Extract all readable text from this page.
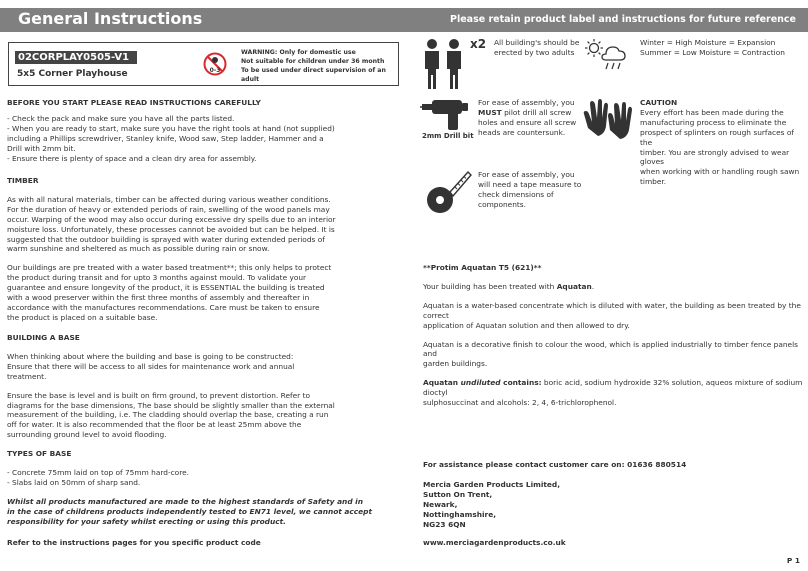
General Instructions	Please retain product label and instructions for future reference
02CORPLAY0505-V1
5x5 Corner Playhouse	0-3
WARNING: Only for domestic use
Not suitable for children under 36 month
To be used under direct supervision of an adult
BEFORE YOU START PLEASE READ INSTRUCTIONS CAREFULLY
- Check the pack and make sure you have all the parts listed.
- When you are ready to start, make sure you have the right tools at hand (not supplied)
including a Phillips screwdriver, Stanley knife, Wood saw, Step ladder, Hammer and a
Drill with 2mm bit.
- Ensure there is plenty of space and a clean dry area for assembly.
TIMBER
As with all natural materials, timber can be affected during various weather conditions.
For the duration of heavy or extended periods of rain, swelling of the wood panels may
occur. Warping of the wood may also occur during excessive dry spells due to an interior
moisture loss. Unfortunately, these processes cannot be avoided but can be helped. It is
suggested that the outdoor building is sprayed with water during extended periods of
warm sunshine and sheltered as much as possible during rain or snow.
Our buildings are pre treated with a water based treatment**; this only helps to protect
the product during transit and for upto 3 months against mould. To validate your
guarantee and ensure longevity of the product, it is ESSENTIAL the building is treated
with a wood preserver within the first three months of assembly and thereafter in
accordance with the manufactures recommendations. Care must be taken to ensure
the product is placed on a suitable base.
BUILDING A BASE
When thinking about where the building and base is going to be constructed:
Ensure that there will be access to all sides for maintenance work and annual
treatment.
Ensure the base is level and is built on firm ground, to prevent distortion. Refer to
diagrams for the base dimensions, The base should be slightly smaller than the external
measurement of the building, i.e. The cladding should overlap the base, creating a run
off for water. It is also recommended that the floor be at least 25mm above the
surrounding ground level to avoid flooding.
TYPES OF BASE
- Concrete 75mm laid on top of 75mm hard-core.
- Slabs laid on 50mm of sharp sand.
Whilst all products manufactured are made to the highest standards of Safety and in
in the case of childrens products independently tested to EN71 level, we cannot accept
responsibility for your safety whilst erecting or using this product.
Refer to the instructions pages for you specific product code
x2 All building's should be
erected by two adults
Winter = High Moisture = Expansion
Summer = Low Moisture = Contraction
2mm Drill bit
For ease of assembly, you
MUST pilot drill all screw
holes and ensure all screw
heads are countersunk.
CAUTION
Every effort has been made during the
manufacturing process to eliminate the
prospect of splinters on rough surfaces of the
timber. You are strongly advised to wear gloves
when working with or handling rough sawn
timber.
For ease of assembly, you
will need a tape measure to
check dimensions of
components.
**Protim Aquatan T5 (621)**
Your building has been treated with Aquatan.
Aquatan is a water-based concentrate which is diluted with water, the building as been treated by the correct
application of Aquatan solution and then allowed to dry.
Aquatan is a decorative finish to colour the wood, which is applied industrially to timber fence panels and
garden buildings.
Aquatan undiluted contains: boric acid, sodium hydroxide 32% solution, aqueos mixture of sodium dioctyl
sulphosuccinat and alcohols: 2, 4, 6-trichlorophenol.
For assistance please contact customer care on: 01636 880514
Mercia Garden Products Limited,
Sutton On Trent,
Newark,
Nottinghamshire,
NG23 6QN
www.merciagardenproducts.co.uk
P 1
